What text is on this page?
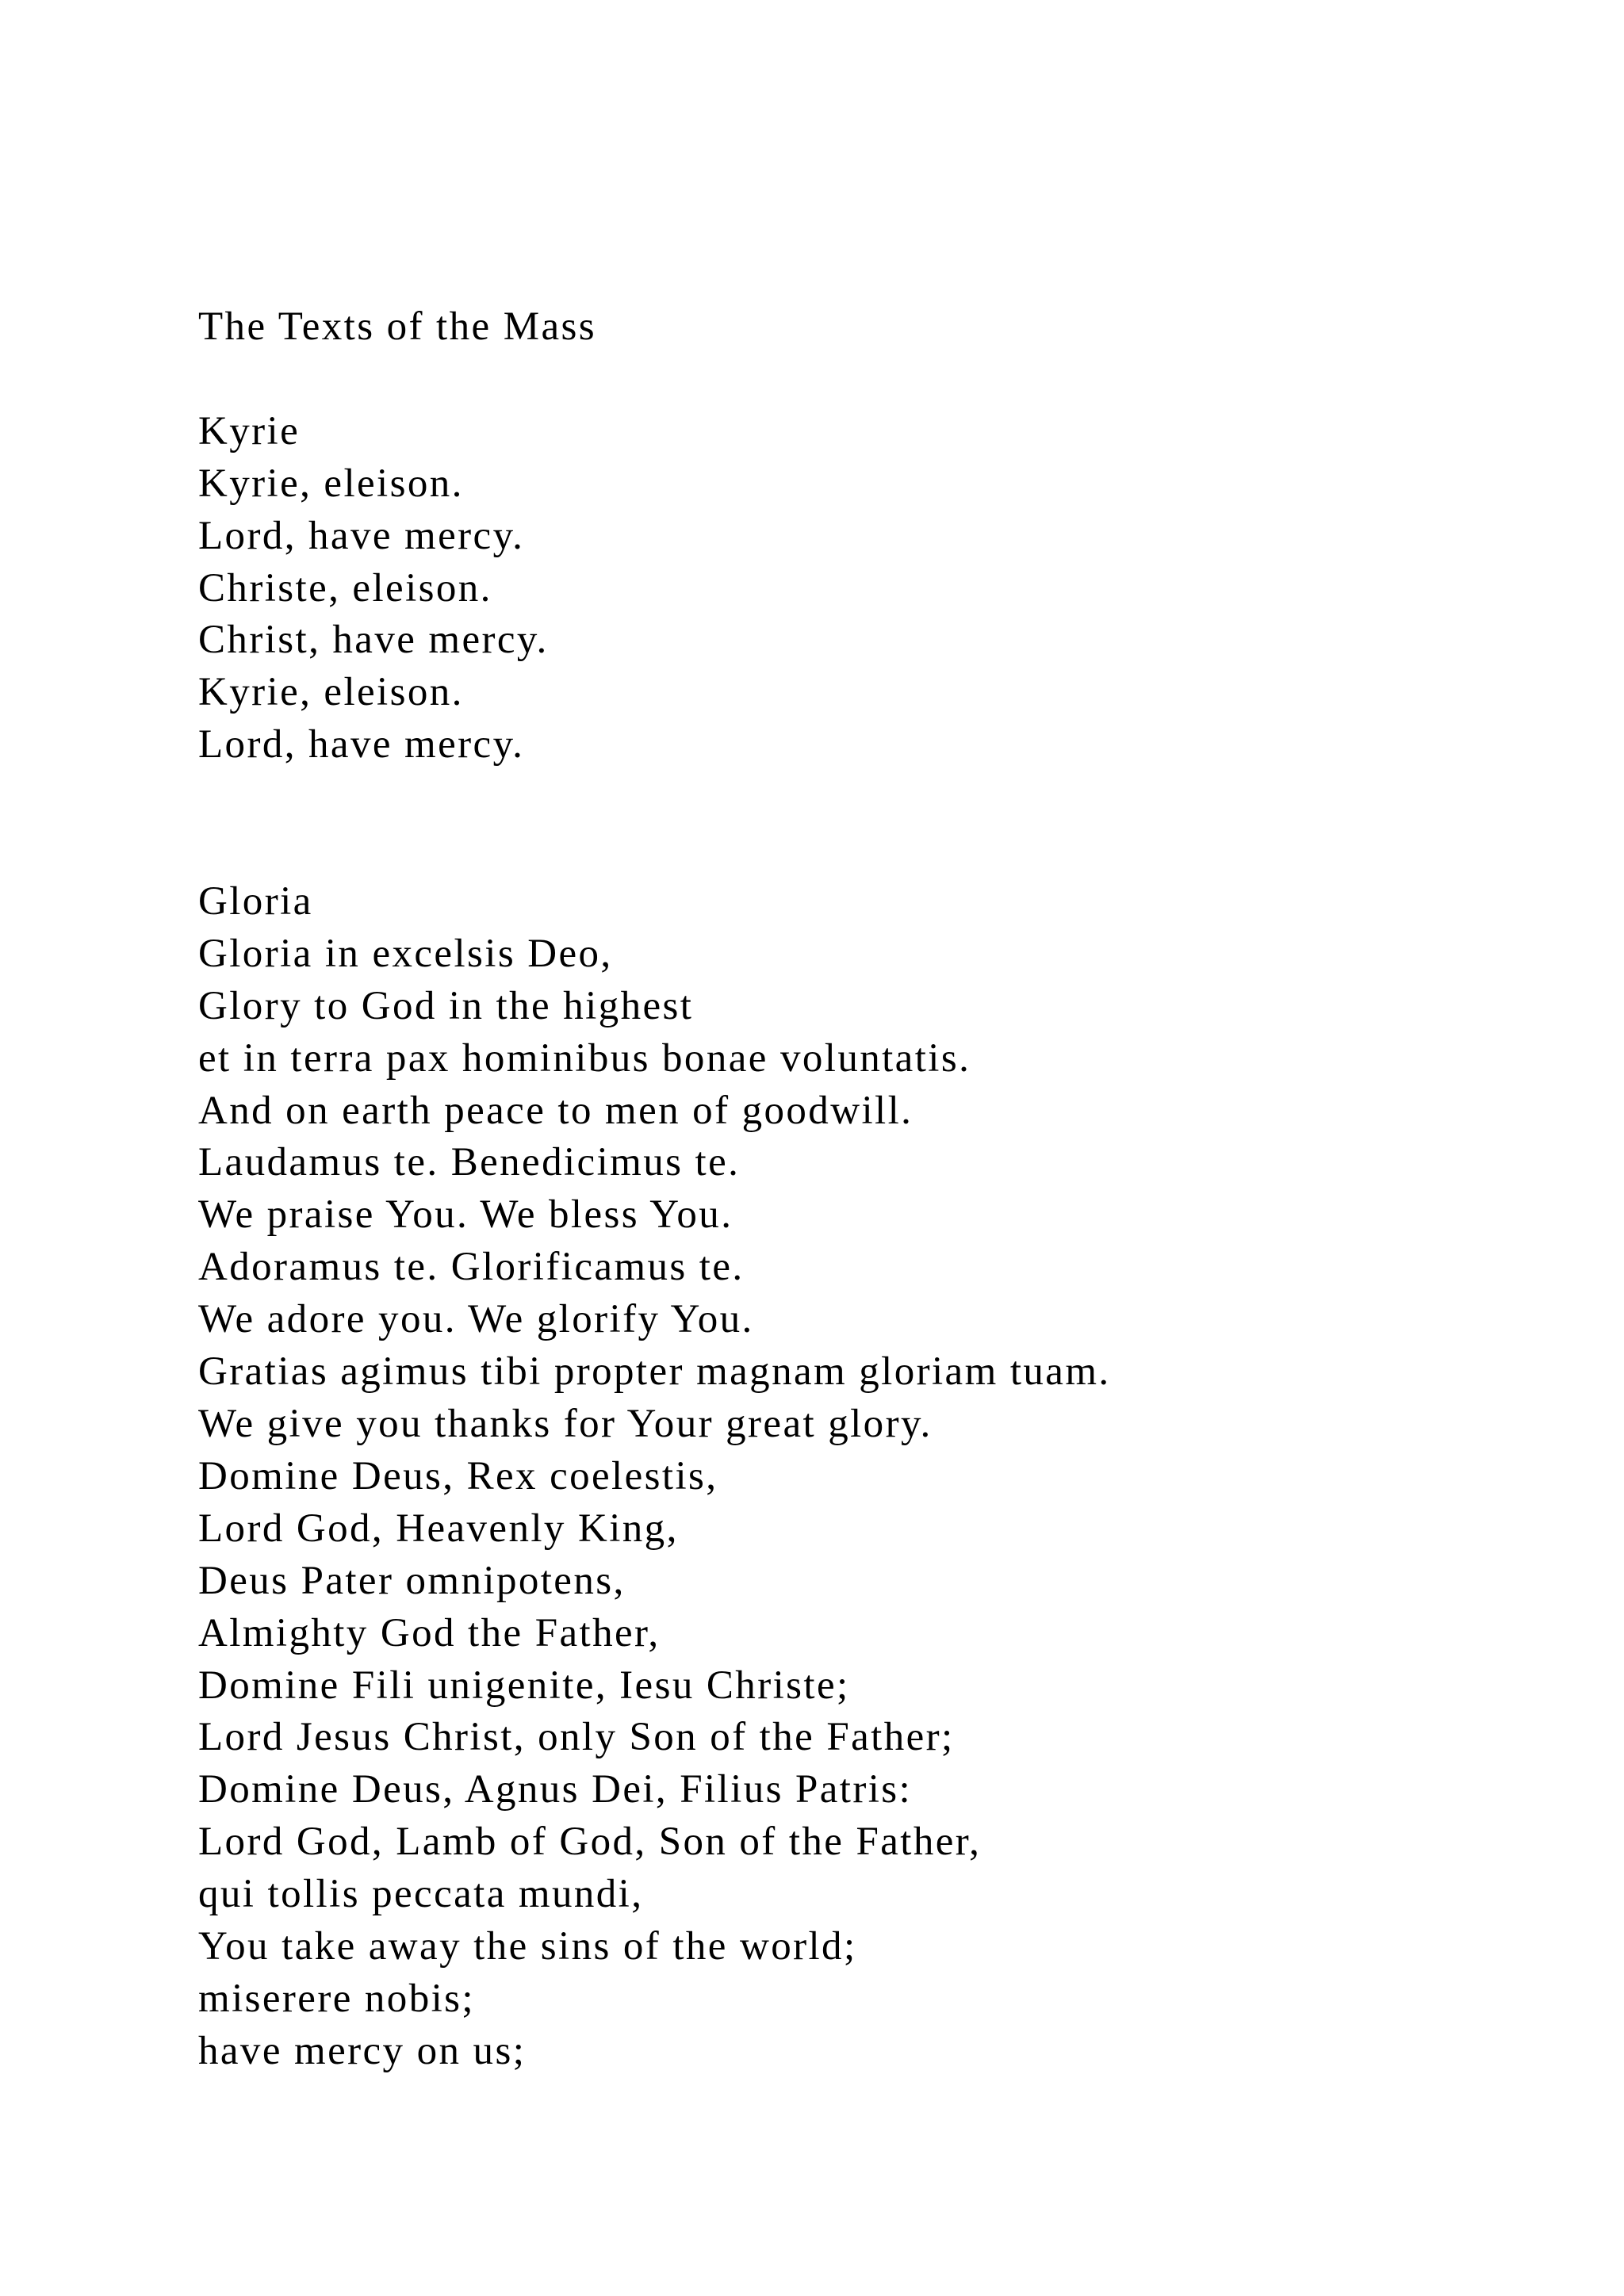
The Texts of the Mass

Kyrie

Kyrie, eleison.

Lord, have mercy.

Christe, eleison.

Christ, have mercy.

Kyrie, eleison.

Lord, have mercy.

Gloria

Gloria in excelsis Deo,

Glory to God in the highest

et in terra pax hominibus bonae voluntatis.

And on earth peace to men of goodwill.

Laudamus te. Benedicimus te.

We praise You. We bless You.

Adoramus te. Glorificamus te.

We adore you. We glorify You.

Gratias agimus tibi propter magnam gloriam tuam.

We give you thanks for Your great glory.

Domine Deus, Rex coelestis,

Lord God, Heavenly King,

Deus Pater omnipotens,

Almighty God the Father,

Domine Fili unigenite, Iesu Christe;

Lord Jesus Christ, only Son of the Father;

Domine Deus, Agnus Dei, Filius Patris:

Lord God, Lamb of God, Son of the Father,

qui tollis peccata mundi,

You take away the sins of the world;

miserere nobis;

have mercy on us;
